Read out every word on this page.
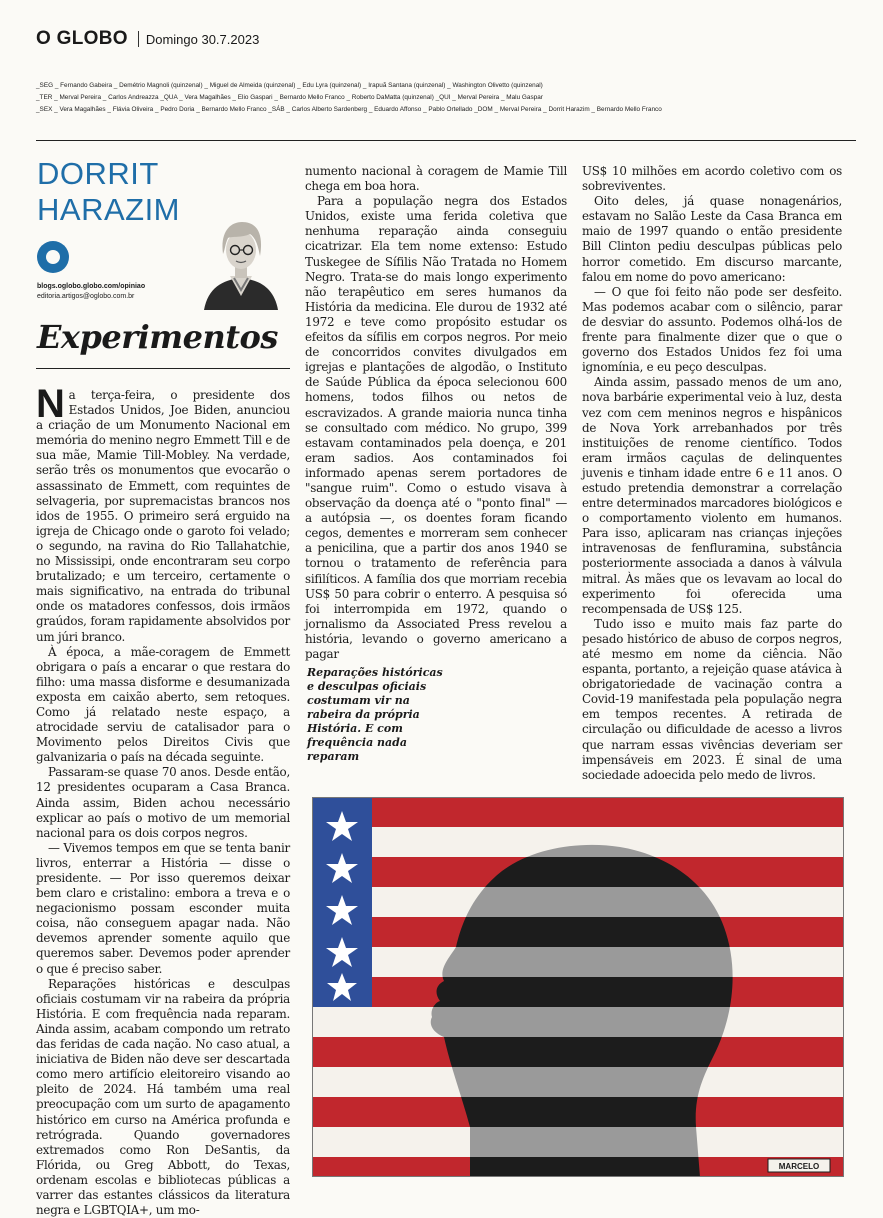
O GLOBO Domingo 30.7.2023
_SEG _ Fernando Gabeira _ Demétrio Magnoli (quinzenal) _ Miguel de Almeida (quinzenal) _ Edu Lyra (quinzenal) _ Irapuã Santana (quinzenal) _ Washington Olivetto (quinzenal)
_TER _ Merval Pereira _ Carlos Andreazza _QUA _ Vera Magalhães _ Elio Gaspari _ Bernardo Mello Franco _ Roberto DaMatta (quinzenal) _QUI _ Merval Pereira _ Malu Gaspar
_SEX _ Vera Magalhães _ Flávia Oliveira _ Pedro Doria _ Bernardo Mello Franco _SÁB _ Carlos Alberto Sardenberg _ Eduardo Affonso _ Pablo Ortellado _DOM _ Merval Pereira _ Dorrit Harazim _ Bernardo Mello Franco
DORRIT
HARAZIM
blogs.oglobo.globo.com/opiniao
editoria.artigos@oglobo.com.br
Experimentos

Na terça-feira, o presidente dos Estados Unidos, Joe Biden, anunciou a criação de um Monumento Nacional em memória do menino negro Emmett Till e de sua mãe, Mamie Till-Mobley. Na verdade, serão três os monumentos que evocarão o assassinato de Emmett, com requintes de selvageria, por supremacistas brancos nos idos de 1955. O primeiro será erguido na igreja de Chicago onde o garoto foi velado; o segundo, na ravina do Rio Tallahatchie, no Mississipi, onde encontraram seu corpo brutalizado; e um terceiro, certamente o mais significativo, na entrada do tribunal onde os matadores confessos, dois irmãos graúdos, foram rapidamente absolvidos por um júri branco.

À época, a mãe-coragem de Emmett obrigara o país a encarar o que restara do filho: uma massa disforme e desumanizada exposta em caixão aberto, sem retoques. Como já relatado neste espaço, a atrocidade serviu de catalisador para o Movimento pelos Direitos Civis que galvanizaria o país na década seguinte.

Passaram-se quase 70 anos. Desde então, 12 presidentes ocuparam a Casa Branca. Ainda assim, Biden achou necessário explicar ao país o motivo de um memorial nacional para os dois corpos negros.

— Vivemos tempos em que se tenta banir livros, enterrar a História — disse o presidente. — Por isso queremos deixar bem claro e cristalino: embora a treva e o negacionismo possam esconder muita coisa, não conseguem apagar nada. Não devemos aprender somente aquilo que queremos saber. Devemos poder aprender o que é preciso saber.

Reparações históricas e desculpas oficiais costumam vir na rabeira da própria História. E com frequência nada reparam. Ainda assim, acabam compondo um retrato das feridas de cada nação. No caso atual, a iniciativa de Biden não deve ser descartada como mero artifício eleitoreiro visando ao pleito de 2024. Há também uma real preocupação com um surto de apagamento histórico em curso na América profunda e retrógrada. Quando governadores extremados como Ron DeSantis, da Flórida, ou Greg Abbott, do Texas, ordenam escolas e bibliotecas públicas a varrer das estantes clássicos da literatura negra e LGBTQIA+, um mo-

numento nacional à coragem de Mamie Till chega em boa hora.

Para a população negra dos Estados Unidos, existe uma ferida coletiva que nenhuma reparação ainda conseguiu cicatrizar. Ela tem nome extenso: Estudo Tuskegee de Sífilis Não Tratada no Homem Negro. Trata-se do mais longo experimento não terapêutico em seres humanos da História da medicina. Ele durou de 1932 até 1972 e teve como propósito estudar os efeitos da sífilis em corpos negros. Por meio de concorridos convites divulgados em igrejas e plantações de algodão, o Instituto de Saúde Pública da época selecionou 600 homens, todos filhos ou netos de escravizados. A grande maioria nunca tinha se consultado com médico. No grupo, 399 estavam contaminados pela doença, e 201 eram sadios. Aos contaminados foi informado apenas serem portadores de "sangue ruim". Como o estudo visava à observação da doença até o "ponto final" — a autópsia —, os doentes foram ficando cegos, dementes e morreram sem conhecer a penicilina, que a partir dos anos 1940 se tornou o tratamento de referência para sifilíticos. A família dos que morriam recebia US$ 50 para cobrir o enterro. A pesquisa só foi interrompida em 1972, quando o jornalismo da Associated Press revelou a história, levando o governo americano a pagar

Reparações históricas e desculpas oficiais costumam vir na rabeira da própria História. E com frequência nada reparam

US$ 10 milhões em acordo coletivo com os sobreviventes.

Oito deles, já quase nonagenários, estavam no Salão Leste da Casa Branca em maio de 1997 quando o então presidente Bill Clinton pediu desculpas públicas pelo horror cometido. Em discurso marcante, falou em nome do povo americano:

— O que foi feito não pode ser desfeito. Mas podemos acabar com o silêncio, parar de desviar do assunto. Podemos olhá-los de frente para finalmente dizer que o que o governo dos Estados Unidos fez foi uma ignomínia, e eu peço desculpas.

Ainda assim, passado menos de um ano, nova barbárie experimental veio à luz, desta vez com cem meninos negros e hispânicos de Nova York arrebanhados por três instituições de renome científico. Todos eram irmãos caçulas de delinquentes juvenis e tinham idade entre 6 e 11 anos. O estudo pretendia demonstrar a correlação entre determinados marcadores biológicos e o comportamento violento em humanos. Para isso, aplicaram nas crianças injeções intravenosas de fenfluramina, substância posteriormente associada a danos à válvula mitral. Às mães que os levavam ao local do experimento foi oferecida uma recompensada de US$ 125.

Tudo isso e muito mais faz parte do pesado histórico de abuso de corpos negros, até mesmo em nome da ciência. Não espanta, portanto, a rejeição quase atávica à obrigatoriedade de vacinação contra a Covid-19 manifestada pela população negra em tempos recentes. A retirada de circulação ou dificuldade de acesso a livros que narram essas vivências deveriam ser impensáveis em 2023. É sinal de uma sociedade adoecida pelo medo de livros.

MARCELO
